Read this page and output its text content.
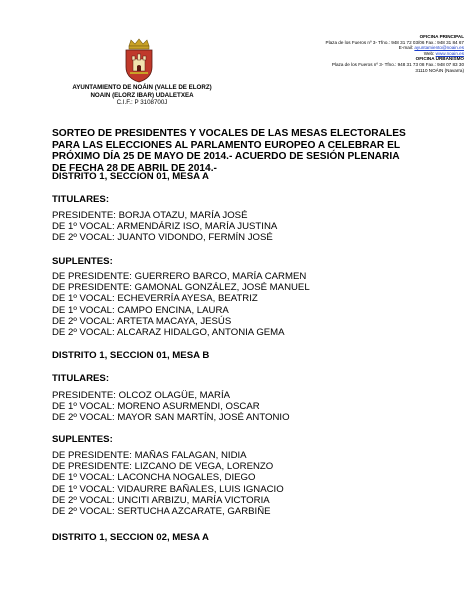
AYUNTAMIENTO DE NOÁIN (VALLE DE ELORZ)
NOAIN (ELORZ IBAR) UDALETXEA
C.I.F.: P 3108700J
OFICINA PRINCIPAL
Plaza de los Fueros nº 3- Tfno.: 948 31 72 03/06 Fax.: 948 31 84 67
E-mail: ayuntamiento@noain.es
Web: www.noain.es
OFICINA URBANISMO
Plaza de los Fueros nº 3- Tfno.: 948 31 73 08 Fax.: 948 07 83 30
31110 NOÁIN (Navarra)
SORTEO DE PRESIDENTES Y VOCALES DE LAS MESAS ELECTORALES
PARA LAS ELECCIONES AL PARLAMENTO EUROPEO A CELEBRAR EL
PRÓXIMO DÍA 25 DE MAYO DE 2014.- ACUERDO DE SESIÓN PLENARIA
DE FECHA 28 DE ABRIL DE 2014.-
DISTRITO 1, SECCION 01, MESA A
TITULARES:
PRESIDENTE: BORJA OTAZU, MARÍA JOSÉ
DE 1º VOCAL: ARMENDÁRIZ ISO, MARÍA JUSTINA
DE 2º VOCAL: JUANTO VIDONDO, FERMÍN JOSÉ
SUPLENTES:
DE PRESIDENTE: GUERRERO BARCO, MARÍA CARMEN
DE PRESIDENTE: GAMONAL GONZÁLEZ, JOSÉ MANUEL
DE 1º VOCAL: ECHEVERRÍA AYESA, BEATRIZ
DE 1º VOCAL: CAMPO ENCINA, LAURA
DE 2º VOCAL: ARTETA MACAYA, JESÚS
DE 2º VOCAL: ALCARAZ HIDALGO, ANTONIA GEMA
DISTRITO 1, SECCION 01, MESA B
TITULARES:
PRESIDENTE: OLCOZ OLAGÜE, MARÍA
DE 1º VOCAL: MORENO ASURMENDI, OSCAR
DE 2º VOCAL: MAYOR SAN MARTÍN, JOSÉ ANTONIO
SUPLENTES:
DE PRESIDENTE: MAÑAS FALAGAN, NIDIA
DE PRESIDENTE: LIZCANO DE VEGA, LORENZO
DE 1º VOCAL: LACONCHA NOGALES, DIEGO
DE 1º VOCAL: VIDAURRE BAÑALES, LUIS IGNACIO
DE 2º VOCAL: UNCITI ARBIZU, MARÍA VICTORIA
DE 2º VOCAL: SERTUCHA AZCARATE, GARBIÑE
DISTRITO 1, SECCION 02, MESA A
